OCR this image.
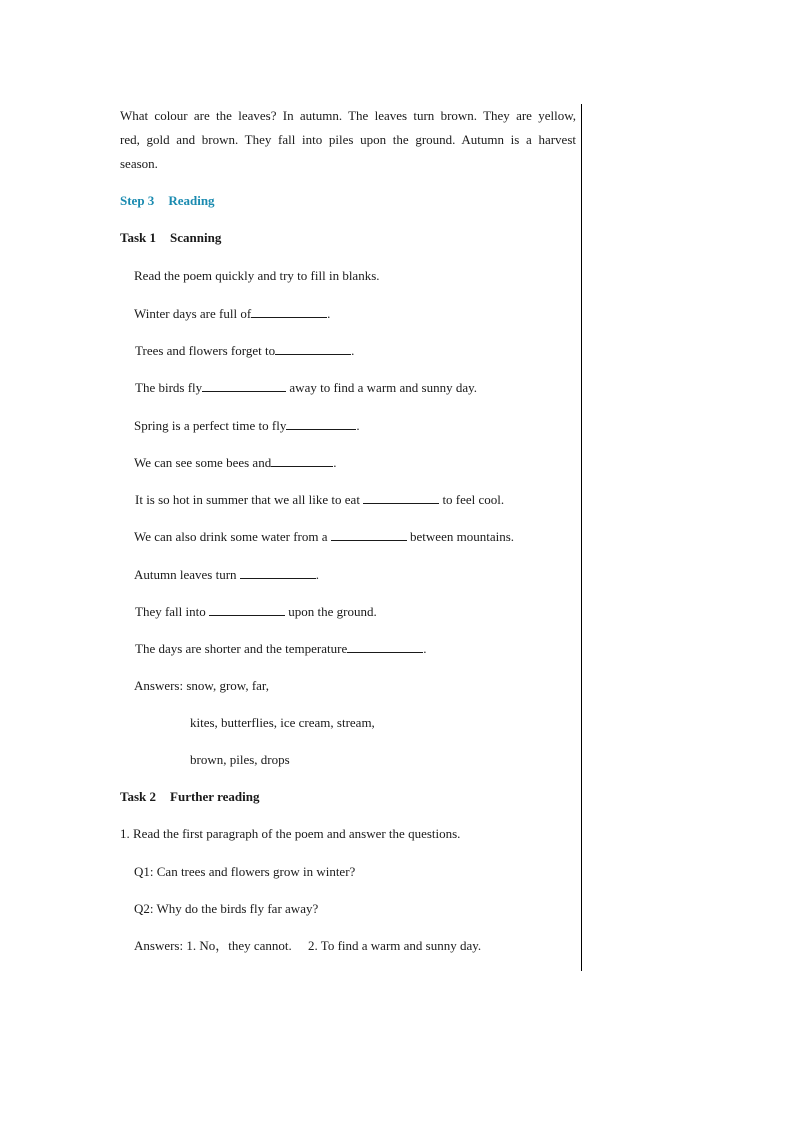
What colour are the leaves? In autumn. The leaves turn brown. They are yellow,
red, gold and brown. They fall into piles upon the ground. Autumn is a harvest
season.
Step 3 Reading
Task 1 Scanning
Read the poem quickly and try to fill in blanks.
Winter days are full of	.
Trees and flowers forget to	.
The birds fly	away to find a warm and sunny day.
Spring is a perfect time to fly	.
We can see some bees and	.
It is so hot in summer that we all like to eat	to feel cool.
We can also drink some water from a	between mountains.
Autumn leaves turn	.
They fall into	upon the ground.
The days are shorter and the temperature	.
Answers: snow, grow, far,
kites, butterflies, ice cream, stream,
brown, piles, drops
Task 2 Further reading
1. Read the first paragraph of the poem and answer the questions.
Q1: Can trees and flowers grow in winter?
Q2: Why do the birds fly far away?
Answers: 1. No，they cannot.     2. To find a warm and sunny day.
